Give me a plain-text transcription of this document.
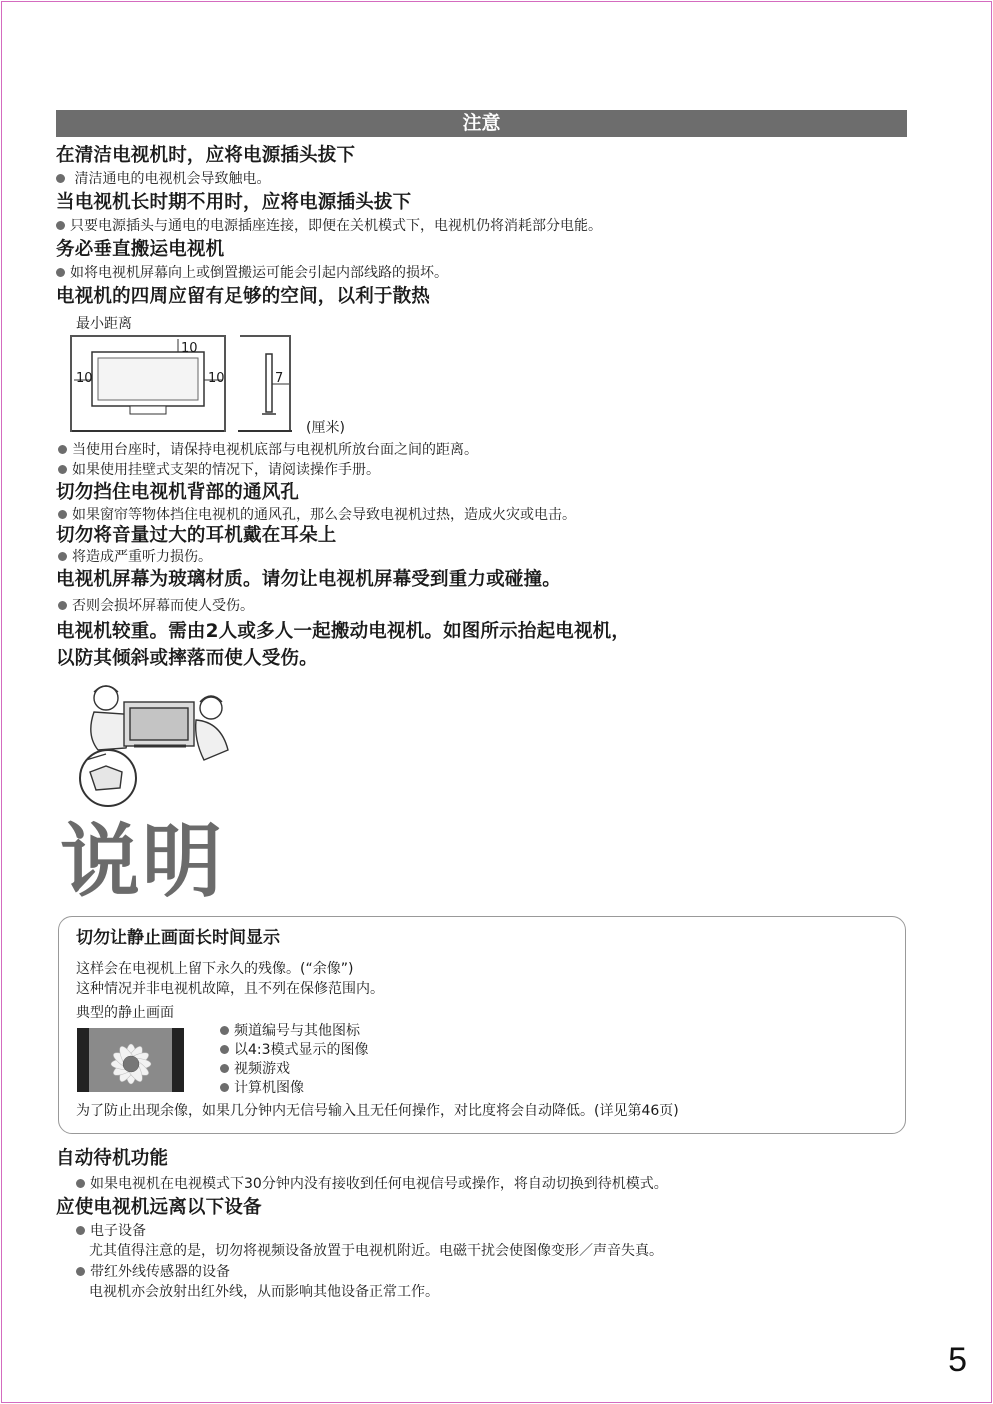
注意
在清洁电视机时，应将电源插头拔下
清洁通电的电视机会导致触电。
当电视机长时期不用时，应将电源插头拔下
只要电源插头与通电的电源插座连接，即便在关机模式下，电视机仍将消耗部分电能。
务必垂直搬运电视机
如将电视机屏幕向上或倒置搬运可能会引起内部线路的损坏。
电视机的四周应留有足够的空间，以利于散热
最小距离
10
10	10	7
(厘米)
当使用台座时，请保持电视机底部与电视机所放台面之间的距离。
如果使用挂壁式支架的情况下，请阅读操作手册。
切勿挡住电视机背部的通风孔
如果窗帘等物体挡住电视机的通风孔，那么会导致电视机过热，造成火灾或电击。
切勿将音量过大的耳机戴在耳朵上
将造成严重听力损伤。
电视机屏幕为玻璃材质。请勿让电视机屏幕受到重力或碰撞。
否则会损坏屏幕而使人受伤。
电视机较重。需由2人或多人一起搬动电视机。如图所示抬起电视机，
以防其倾斜或摔落而使人受伤。
说明
切勿让静止画面长时间显示
这样会在电视机上留下永久的残像。(“余像”)
这种情况并非电视机故障，且不列在保修范围内。
典型的静止画面
频道编号与其他图标
以4:3模式显示的图像
视频游戏
计算机图像
为了防止出现余像，如果几分钟内无信号输入且无任何操作，对比度将会自动降低。(详见第46页)
自动待机功能
如果电视机在电视模式下30分钟内没有接收到任何电视信号或操作，将自动切换到待机模式。
应使电视机远离以下设备
电子设备
尤其值得注意的是，切勿将视频设备放置于电视机附近。电磁干扰会使图像变形／声音失真。
带红外线传感器的设备
电视机亦会放射出红外线，从而影响其他设备正常工作。
5
